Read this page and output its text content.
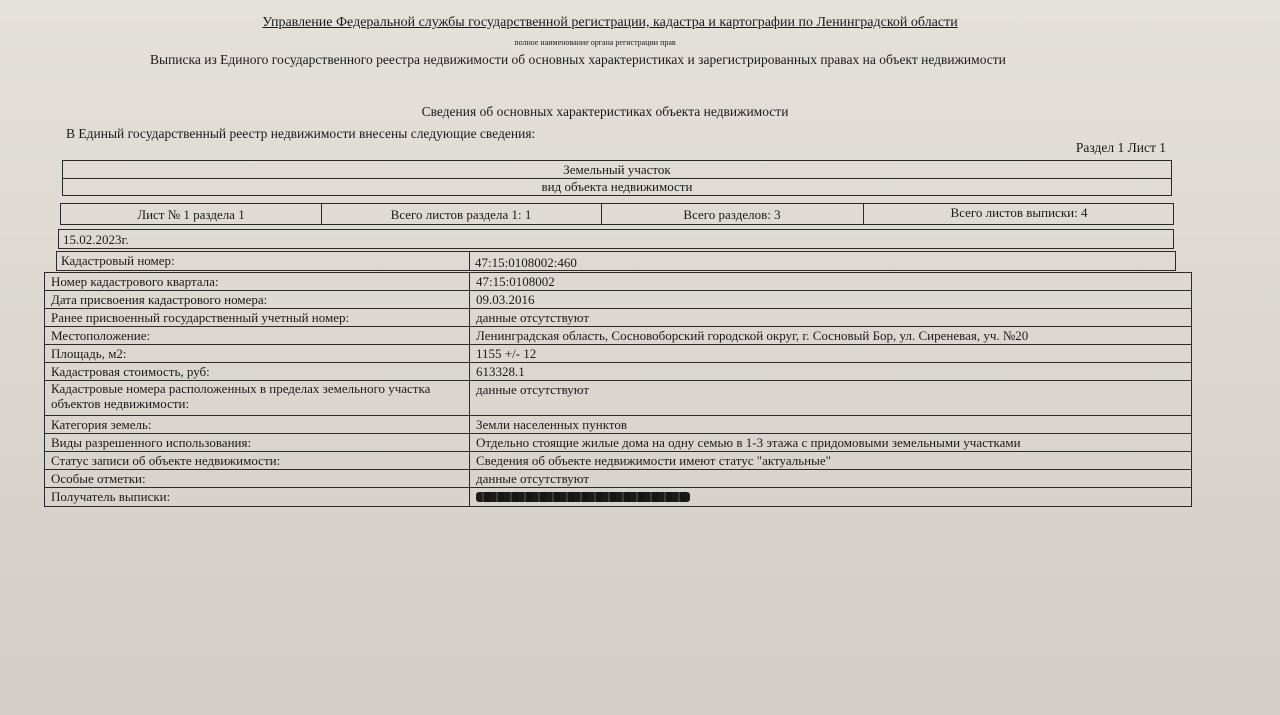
Управление Федеральной службы государственной регистрации, кадастра и картографии по Ленинградской области
полное наименование органа регистрации прав
Выписка из Единого государственного реестра недвижимости об основных характеристиках и зарегистрированных правах на объект недвижимости
Сведения об основных характеристиках объекта недвижимости
В Единый государственный реестр недвижимости внесены следующие сведения:
Раздел 1 Лист 1
Земельный участок
вид объекта недвижимости
Лист № 1 раздела 1	Всего листов раздела 1: 1	Всего разделов: 3	Всего листов выписки: 4
15.02.2023г.
Кадастровый номер:	47:15:0108002:460
Номер кадастрового квартала:	47:15:0108002
Дата присвоения кадастрового номера:	09.03.2016
Ранее присвоенный государственный учетный номер:	данные отсутствуют
Местоположение:	Ленинградская область, Сосновоборский городской округ, г. Сосновый Бор, ул. Сиреневая, уч. №20
Площадь, м2:	1155 +/- 12
Кадастровая стоимость, руб:	613328.1
Кадастровые номера расположенных в пределах земельного участка объектов недвижимости:	данные отсутствуют
Категория земель:	Земли населенных пунктов
Виды разрешенного использования:	Отдельно стоящие жилые дома на одну семью в 1-3 этажа с придомовыми земельными участками
Статус записи об объекте недвижимости:	Сведения об объекте недвижимости имеют статус "актуальные"
Особые отметки:	данные отсутствуют
Получатель выписки:	
